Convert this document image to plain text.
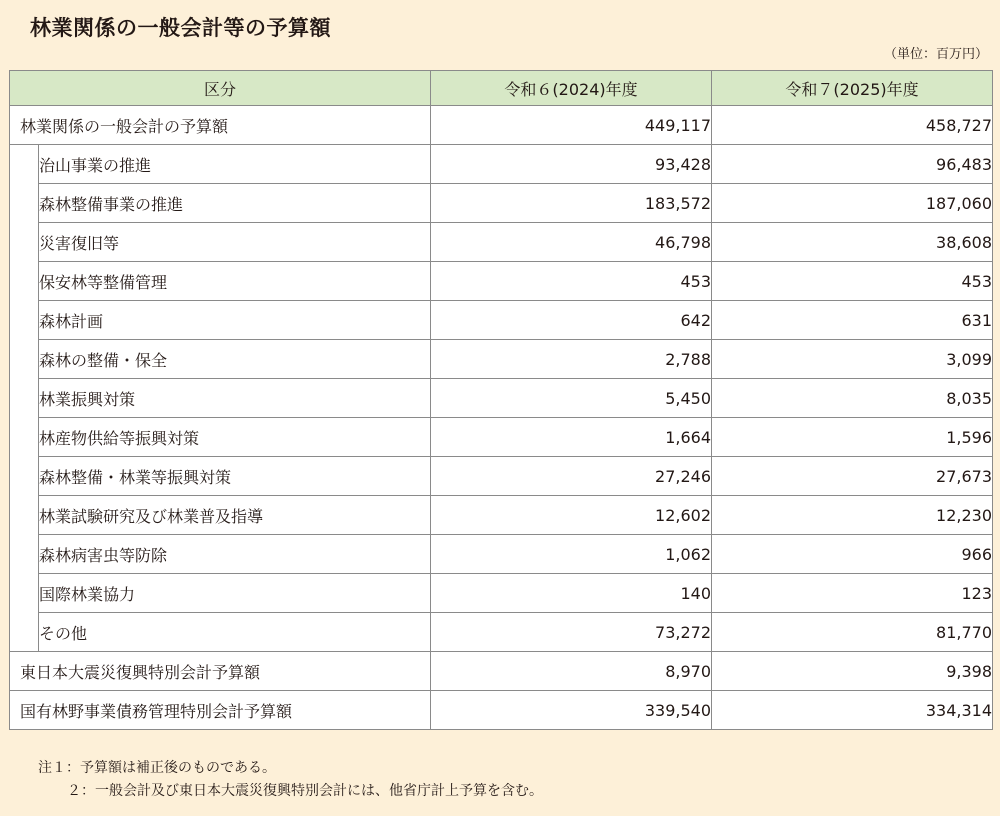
林業関係の一般会計等の予算額
（単位：百万円）
区分		令和６(2024)年度	令和７(2025)年度
林業関係の一般会計の予算額		449,117	458,727
	治山事業の推進	93,428	96,483
	森林整備事業の推進	183,572	187,060
	災害復旧等	46,798	38,608
	保安林等整備管理	453	453
	森林計画	642	631
	森林の整備・保全	2,788	3,099
	林業振興対策	5,450	8,035
	林産物供給等振興対策	1,664	1,596
	森林整備・林業等振興対策	27,246	27,673
	林業試験研究及び林業普及指導	12,602	12,230
	森林病害虫等防除	1,062	966
	国際林業協力	140	123
	その他	73,272	81,770
東日本大震災復興特別会計予算額		8,970	9,398
国有林野事業債務管理特別会計予算額		339,540	334,314
注１：予算額は補正後のものである。
２：一般会計及び東日本大震災復興特別会計には、他省庁計上予算を含む。
